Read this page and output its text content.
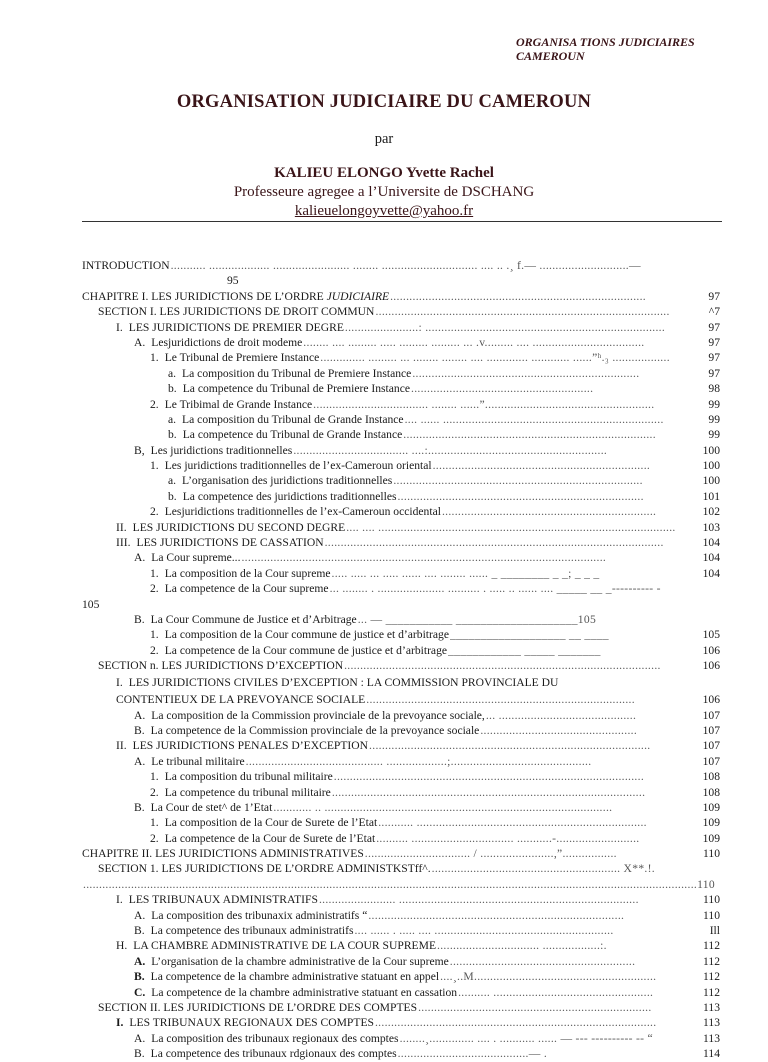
ORGANISA TIONS JUDICIAIRES
CAMEROUN
ORGANISATION JUDICIAIRE DU CAMEROUN
par
KALIEU ELONGO Yvette Rachel
Professeure agregee a l’Universite de DSCHANG
kalieuelongoyvette@yahoo.fr
INTRODUCTION ........... ................... ........................ ........ .............................. .... .. .¸ f.— ............................—
95
CHAPITRE I. LES JURIDICTIONS DE L’ORDRE JUDICIAIRE	97
................................................................................
SECTION I. LES JURIDICTIONS DE DROIT COMMUN	^7
............................................................................................
I. LES JURIDICTIONS DE PREMIER DEGRE	97
.......................: ...........................................................................
A. Lesjuridictions de droit modeme	97
........ .... ......... ..... ......... ......... ... .v......... .... ...................................
1. Le Tribunal de Premiere Instance	97
.............. ......... ... ........ ........ .... ............. ............ ......”ʰ.₃ ..................
a. La composition du Tribunal de Premiere Instance	97
.......................................................................
b. La competence du Tribunal de Premiere Instance	98
.........................................................
2. Le Tribimal de Grande Instance	99
.................................... ........ ......”.....................................................
a. La composition du Tribunal de Grande Instance	99
.... ...... .....................................................................
b. La competence du Tribunal de Grande Instance	99
...............................................................................
B, Les juridictions traditionnelles	100
.................................... ....:........................................................
1. Les juridictions traditionnelles de l’ex-Cameroun oriental	100
....................................................................
a. L’organisation des juridictions traditionnelles	100
..............................................................................
b. La competence des juridictions traditionnelles	101
.............................................................................
2. Lesjuridictions traditionnelles de l’ex-Cameroun occidental	102
...................................................................
II. LES JURIDICTIONS DU SECOND DEGRE	103
.... .... .............................................................................................
III. LES JURIDICTIONS DE CASSATION	104
..........................................................................................................
A. La Cour supreme...	104
..................................................................................................................
1. La composition de la Cour supreme	104
..... ..... ... ..... ...... .... ........ ...... _ ________ _ _; _ _ _
2. La competence de la Cour supreme ... ........ . ..................... .......... . ..... .. ...... .... _____ __ _---------- -
105
B. La Cour Commune de Justice et d’Arbitrage ... — ___________ ____________________105
1. La composition de la Cour commune de justice et d’arbitrage	105
___________________ __ ____
2. La competence de la Cour commune de justice et d’arbitrage	106
____________ _____ _______
SECTION n. LES JURIDICTIONS D’EXCEPTION	106
...................................................................................................
I. LES JURIDICTIONS CIVILES D’EXCEPTION : LA COMMISSION PROVINCIALE DU
CONTENTIEUX DE LA PREVOYANCE SOCIALE	106
....................................................................................
A. La composition de la Commission provinciale de la prevoyance sociale,	107
... ...........................................
B. La competence de la Commission provinciale de la prevoyance sociale	107
.................................................
II. LES JURIDICTIONS PENALES D’EXCEPTION	107
........................................................................................
A. Le tribunal militaire	107
........................................... ...................;............................................
1. La composition du tribunal militaire	108
.................................................................................................
2. La competence du tribunal militaire	108
..................................................................................................
B. La Cour de stet^ de 1’Etat	109
............ .. ..........................................................................................
1. La composition de la Cour de Surete de l’Etat	109
........... ........................................................................
2. La competence de la Cour de Surete de l’Etat	109
.......... ................................ ...........-..........................
CHAPITRE II. LES JURIDICTIONS ADMINISTRATIVES	110
................................. / .......................,”.................
SECTION 1. LES JURIDICTIONS DE L’ORDRE ADMINISTKSTff^. ........................................................... X**.!.
................................................................................................................................................................................................110
I. LES TRIBUNAUX ADMINISTRATIFS	110
........................ ...........................................................................
A. La composition des tribunaxix administratifs “	110
................................................................................
B. La competence des tribunaux administratifs	Ill
.... ...... . ..... .... ........................................................
H. LA CHAMBRE ADMINISTRATIVE DE LA COUR SUPREME	112
................................ ..................:.
A. L’organisation de la chambre administrative de la Cour supreme	112
..........................................................
B. La competence de la chambre administrative statuant en appel	112
....¸..M.........................................................
C. La competence de la chambre administrative statuant en cassation	112
.......... ..................................................
SECTION II. LES JURIDICTIONS DE L’ORDRE DES COMPTES	113
.........................................................................
I. LES TRIBUNAUX REGIONAUX DES COMPTES	113
........................................................................................
A. La composition des tribunaux regionaux des comptes	113
........¸.............. .... . ........... ...... — --- ---------- -- “
B. La competence des tribunaux rdgionaux des comptes	114
.........................................— .
